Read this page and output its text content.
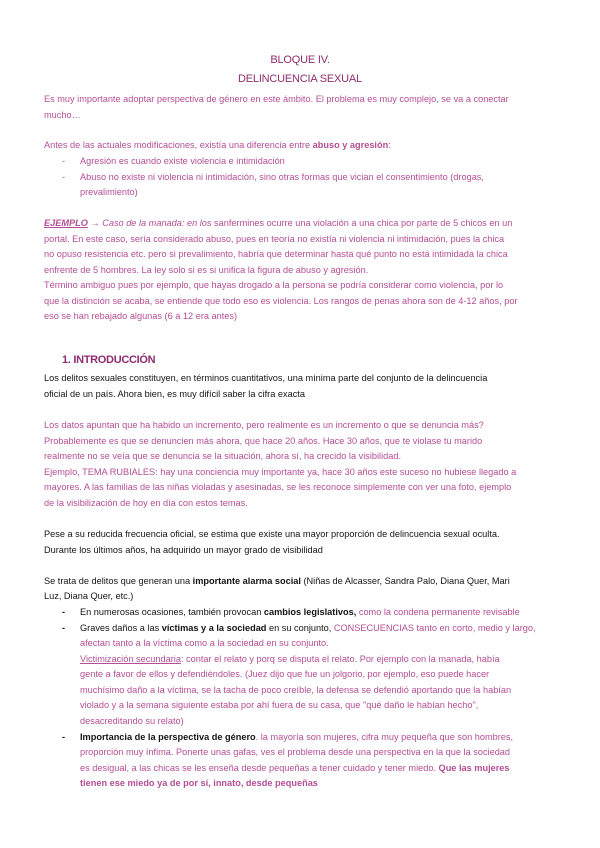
BLOQUE IV.
DELINCUENCIA SEXUAL
Es muy importante adoptar perspectiva de género en este ámbito. El problema es muy complejo, se va a conectar
mucho…
Antes de las actuales modificaciones, existía una diferencia entre abuso y agresión:
- Agresión es cuando existe violencia e intimidación
- Abuso no existe ni violencia ni intimidación, sino otras formas que vician el consentimiento (drogas,
prevalimiento)
EJEMPLO → Caso de la manada: en los sanfermines ocurre una violación a una chica por parte de 5 chicos en un
portal. En este caso, sería considerado abuso, pues en teoría no existía ni violencia ni intimidación, pues la chica
no opuso resistencia etc. pero si prevalimiento, habría que determinar hasta qué punto no está intimidada la chica
enfrente de 5 hombres. La ley solo si es si unifica la figura de abuso y agresión.
Término ambiguo pues por ejemplo, que hayas drogado a la persona se podría considerar como violencia, por lo
que la distinción se acaba, se entiende que todo eso es violencia. Los rangos de penas ahora son de 4-12 años, por
eso se han rebajado algunas (6 a 12 era antes)
1. INTRODUCCIÓN
Los delitos sexuales constituyen, en términos cuantitativos, una mínima parte del conjunto de la delincuencia
oficial de un país. Ahora bien, es muy difícil saber la cifra exacta
Los datos apuntan que ha habido un incremento, pero realmente es un incremento o que se denuncia más?
Probablemente es que se denuncien más ahora, que hace 20 años. Hace 30 años, que te violase tu marido
realmente no se veía que se denuncia se la situación, ahora sí, ha crecido la visibilidad.
Ejemplo, TEMA RUBIALES: hay una conciencia muy importante ya, hace 30 años este suceso no hubiese llegado a
mayores. A las familias de las niñas violadas y asesinadas, se les reconoce simplemente con ver una foto, ejemplo
de la visibilización de hoy en día con estos temas.
Pese a su reducida frecuencia oficial, se estima que existe una mayor proporción de delincuencia sexual oculta.
Durante los últimos años, ha adquirido un mayor grado de visibilidad
Se trata de delitos que generan una importante alarma social (Niñas de Alcasser, Sandra Palo, Diana Quer, Mari
Luz, Diana Quer, etc.)
- En numerosas ocasiones, también provocan cambios legislativos, como la condena permanente revisable
- Graves daños a las víctimas y a la sociedad en su conjunto, CONSECUENCIAS tanto en corto, medio y largo,
afectan tanto a la víctima como a la sociedad en su conjunto.
Victimización secundaria: contar el relato y porq se disputa el relato. Por ejemplo con la manada, había
gente a favor de ellos y defendiéndoles. (Juez dijo que fue un jolgorio, por ejemplo, eso puede hacer
muchísimo daño a la víctima, se la tacha de poco creíble, la defensa se defendió aportando que la habían
violado y a la semana siguiente estaba por ahí fuera de su casa, que "qué daño le habían hecho",
desacreditando su relato)
- Importancia de la perspectiva de género. la mayoría son mujeres, cifra muy pequeña que son hombres,
proporción muy ínfima. Ponerte unas gafas, ves el problema desde una perspectiva en la que la sociedad
es desigual, a las chicas se les enseña desde pequeñas a tener cuidado y tener miedo. Que las mujeres
tienen ese miedo ya de por sí, innato, desde pequeñas
